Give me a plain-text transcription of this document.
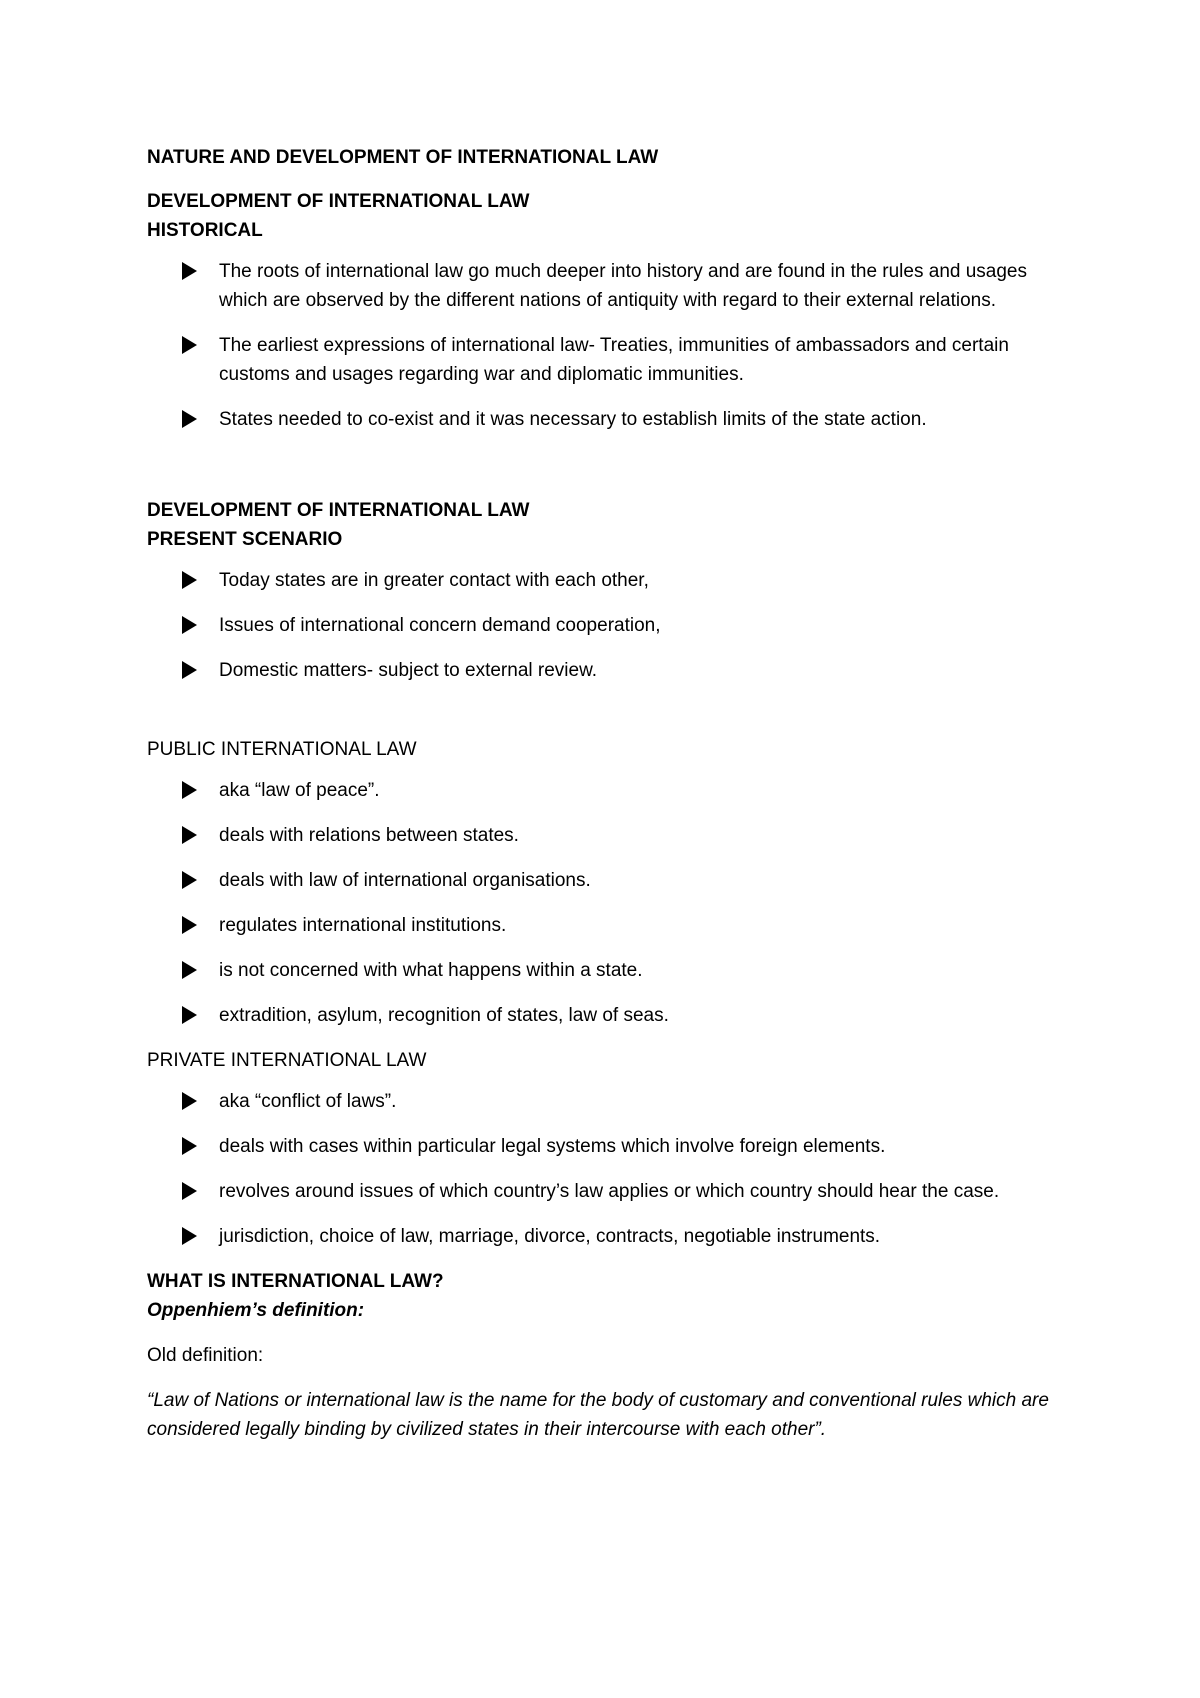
NATURE AND DEVELOPMENT OF INTERNATIONAL LAW
DEVELOPMENT OF INTERNATIONAL LAW
HISTORICAL
The roots of international law go much deeper into history and are found in the rules and usages which are observed by the different nations of antiquity with regard to their external relations.
The earliest expressions of international law- Treaties, immunities of ambassadors and certain customs and usages regarding war and diplomatic immunities.
States needed to co-exist and it was necessary to establish limits of the state action.
DEVELOPMENT OF INTERNATIONAL LAW
PRESENT SCENARIO
Today states are in greater contact with each other,
Issues of international concern demand cooperation,
Domestic matters- subject to external review.
PUBLIC INTERNATIONAL LAW
aka “law of peace”.
deals with relations between states.
deals with law of international organisations.
regulates international institutions.
is not concerned with what happens within a state.
extradition, asylum, recognition of states, law of seas.
PRIVATE INTERNATIONAL LAW
aka “conflict of laws”.
deals with cases within particular legal systems which involve foreign elements.
revolves around issues of which country’s law applies or which country should hear the case.
jurisdiction, choice of law, marriage, divorce, contracts, negotiable instruments.
WHAT IS INTERNATIONAL LAW?
Oppenhiem’s definition:
Old definition:
“Law of Nations or international law is the name for the body of customary and conventional rules which are considered legally binding by civilized states in their intercourse with each other”.
